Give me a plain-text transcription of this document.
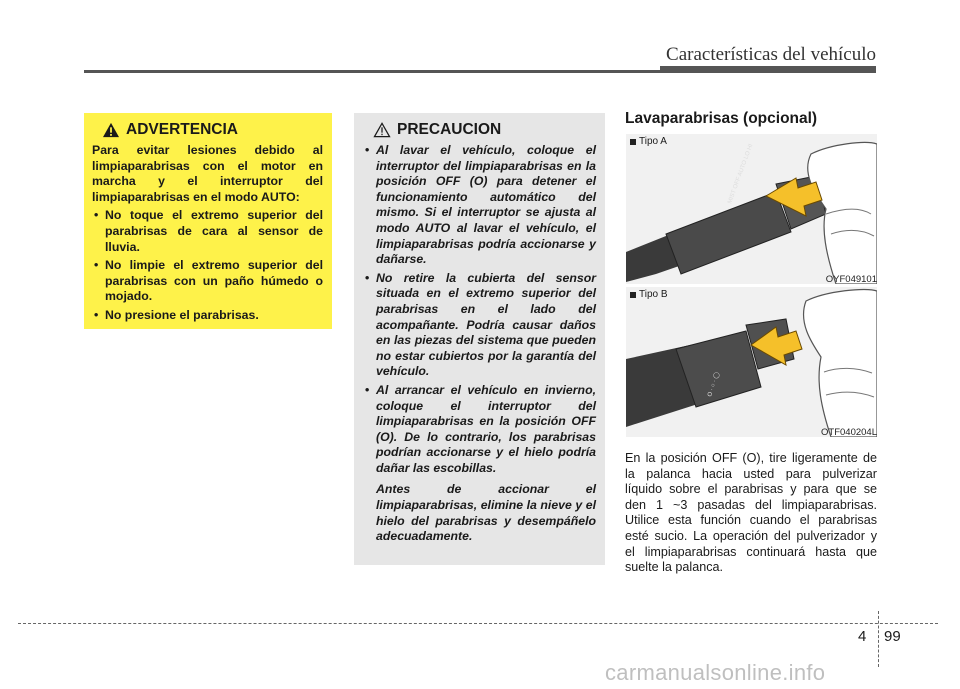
Características del vehículo
ADVERTENCIA
Para evitar lesiones debido al limpiaparabrisas con el motor en marcha y el interruptor del limpiaparabrisas en el modo AUTO:
• No toque el extremo superior del parabrisas de cara al sensor de lluvia.
• No limpie el extremo superior del parabrisas con un paño húmedo o mojado.
• No presione el parabrisas.
PRECAUCION
• Al lavar el vehículo, coloque el interruptor del limpiaparabrisas en la posición OFF (O) para detener el funcionamiento automático del mismo. Si el interruptor se ajusta al modo AUTO al lavar el vehículo, el limpiaparabrisas podría accionarse y dañarse.
• No retire la cubierta del sensor situada en el extremo superior del parabrisas en el lado del acompañante. Podría causar daños en las piezas del sistema que pueden no estar cubiertos por la garantía del vehículo.
• Al arrancar el vehículo en invierno, coloque el interruptor del limpiaparabrisas en la posición OFF (O). De lo contrario, los parabrisas podrían accionarse y el hielo podría dañar las escobillas.
Antes de accionar el limpiaparabrisas, elimine la nieve y el hielo del parabrisas y desempáñelo adecuadamente.
Lavaparabrisas (opcional)
Tipo A
MIST OFF AUTO LO HI
OYF049101
Tipo B
O · ○ · ◯
OTF040204L
En la posición OFF (O), tire ligeramente de la palanca hacia usted para pulverizar líquido sobre el parabrisas y para que se den 1 ~3 pasadas del limpiaparabrisas. Utilice esta función cuando el parabrisas esté sucio. La operación del pulverizador y el limpiaparabrisas continuará hasta que suelte la palanca.
4 99
carmanualsonline.info
